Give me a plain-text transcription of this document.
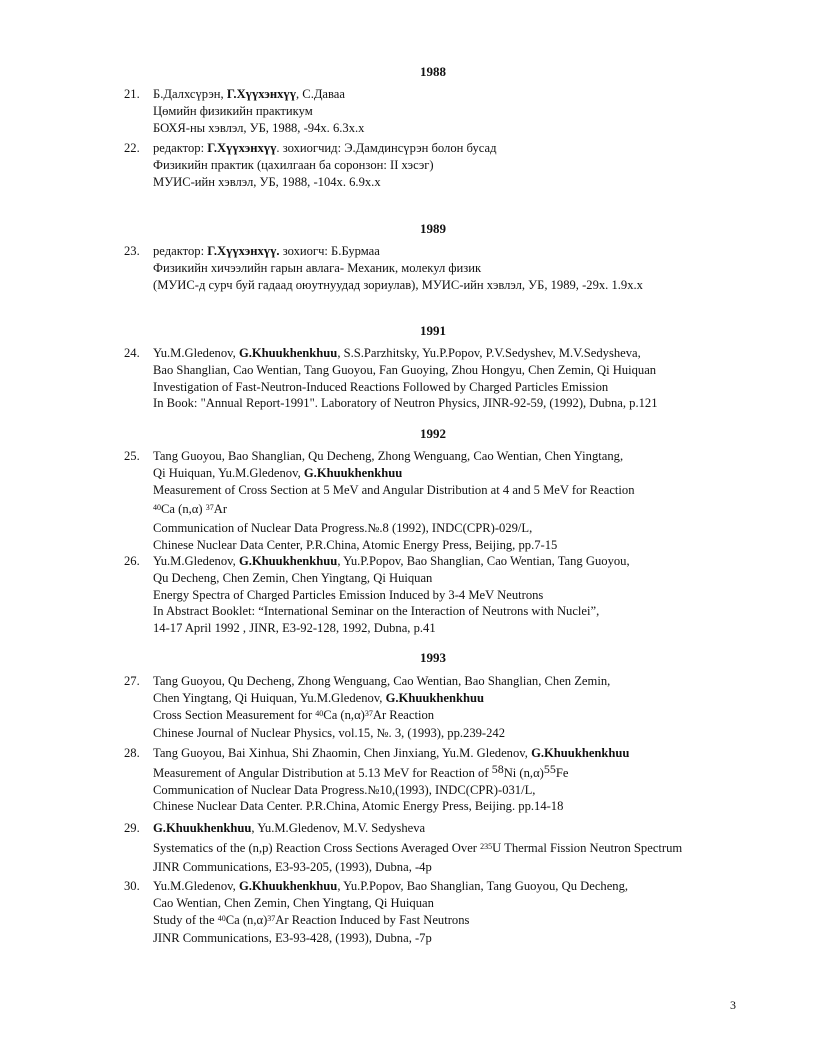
1988
21. Б.Далхсүрэн, Г.Хүүхэнхүү, С.Даваа
Цөмийн физикийн практикум
БОХЯ-ны хэвлэл, УБ, 1988, -94х. 6.3х.х
22. редактор: Г.Хүүхэнхүү. зохиогчид: Э.Дамдинсүрэн болон бусад
Физикийн практик (цахилгаан ба соронзон: II хэсэг)
МУИС-ийн хэвлэл, УБ, 1988, -104х. 6.9х.х
1989
23. редактор: Г.Хүүхэнхүү. зохиогч: Б.Бурмаа
Физикийн хичээлийн гарын авлага- Механик, молекул физик
(МУИС-д сурч буй гадаад оюутнуудад зориулав), МУИС-ийн хэвлэл, УБ, 1989, -29х. 1.9х.х
1991
24. Yu.M.Gledenov, G.Khuukhenkhuu, S.S.Parzhitsky, Yu.P.Popov, P.V.Sedyshev, M.V.Sedysheva,
Bao Shanglian, Cao Wentian, Tang Guoyou, Fan Guoying, Zhou Hongyu, Chen Zemin, Qi Huiquan
Investigation of Fast-Neutron-Induced Reactions Followed by Charged Particles Emission
In Book: "Annual Report-1991". Laboratory of Neutron Physics, JINR-92-59, (1992), Dubna, p.121
1992
25. Tang Guoyou, Bao Shanglian, Qu Decheng, Zhong Wenguang, Cao Wentian, Chen Yingtang,
Qi Huiquan, Yu.M.Gledenov, G.Khuukhenkhuu
Measurement of Cross Section at 5 MeV and Angular Distribution at 4 and 5 MeV for Reaction
$^{40}$Ca (n,α) $^{37}$Ar
Communication of Nuclear Data Progress.№.8 (1992), INDC(CPR)-029/L,
Chinese Nuclear Data Center, P.R.China, Atomic Energy Press, Beijing, pp.7-15
26. Yu.M.Gledenov, G.Khuukhenkhuu, Yu.P.Popov, Bao Shanglian, Cao Wentian, Tang Guoyou,
Qu Decheng, Chen Zemin, Chen Yingtang, Qi Huiquan
Energy Spectra of Charged Particles Emission Induced by 3-4 MeV Neutrons
In Abstract Booklet: “International Seminar on the Interaction of Neutrons with Nuclei”,
14-17 April 1992 , JINR, E3-92-128, 1992, Dubna, p.41
1993
27. Tang Guoyou, Qu Decheng, Zhong Wenguang, Cao Wentian, Bao Shanglian, Chen Zemin,
Chen Yingtang, Qi Huiquan, Yu.M.Gledenov, G.Khuukhenkhuu
Cross Section Measurement for $^{40}$Ca $(n,\alpha)^{37}Ar$ Reaction
Chinese Journal of Nuclear Physics, vol.15, №. 3, (1993), pp.239-242
28. Tang Guoyou, Bai Xinhua, Shi Zhaomin, Chen Jinxiang, Yu.M. Gledenov, G.Khuukhenkhuu
Measurement of Angular Distribution at 5.13 MeV for Reaction of $^{58}$Ni $(n,\alpha)^{55}Fe$
Communication of Nuclear Data Progress.№10,(1993), INDC(CPR)-031/L,
Chinese Nuclear Data Center. P.R.China, Atomic Energy Press, Beijing. pp.14-18
29. G.Khuukhenkhuu, Yu.M.Gledenov, M.V. Sedysheva
Systematics of the (n,p) Reaction Cross Sections Averaged Over $^{235}$U Thermal Fission Neutron Spectrum
JINR Communications, E3-93-205, (1993), Dubna, -4p
30. Yu.M.Gledenov, G.Khuukhenkhuu, Yu.P.Popov, Bao Shanglian, Tang Guoyou, Qu Decheng,
Cao Wentian, Chen Zemin, Chen Yingtang, Qi Huiquan
Study of the $^{40}$Ca $(n,\alpha)^{37}Ar$ Reaction Induced by Fast Neutrons
JINR Communications, E3-93-428, (1993), Dubna, -7p
3
